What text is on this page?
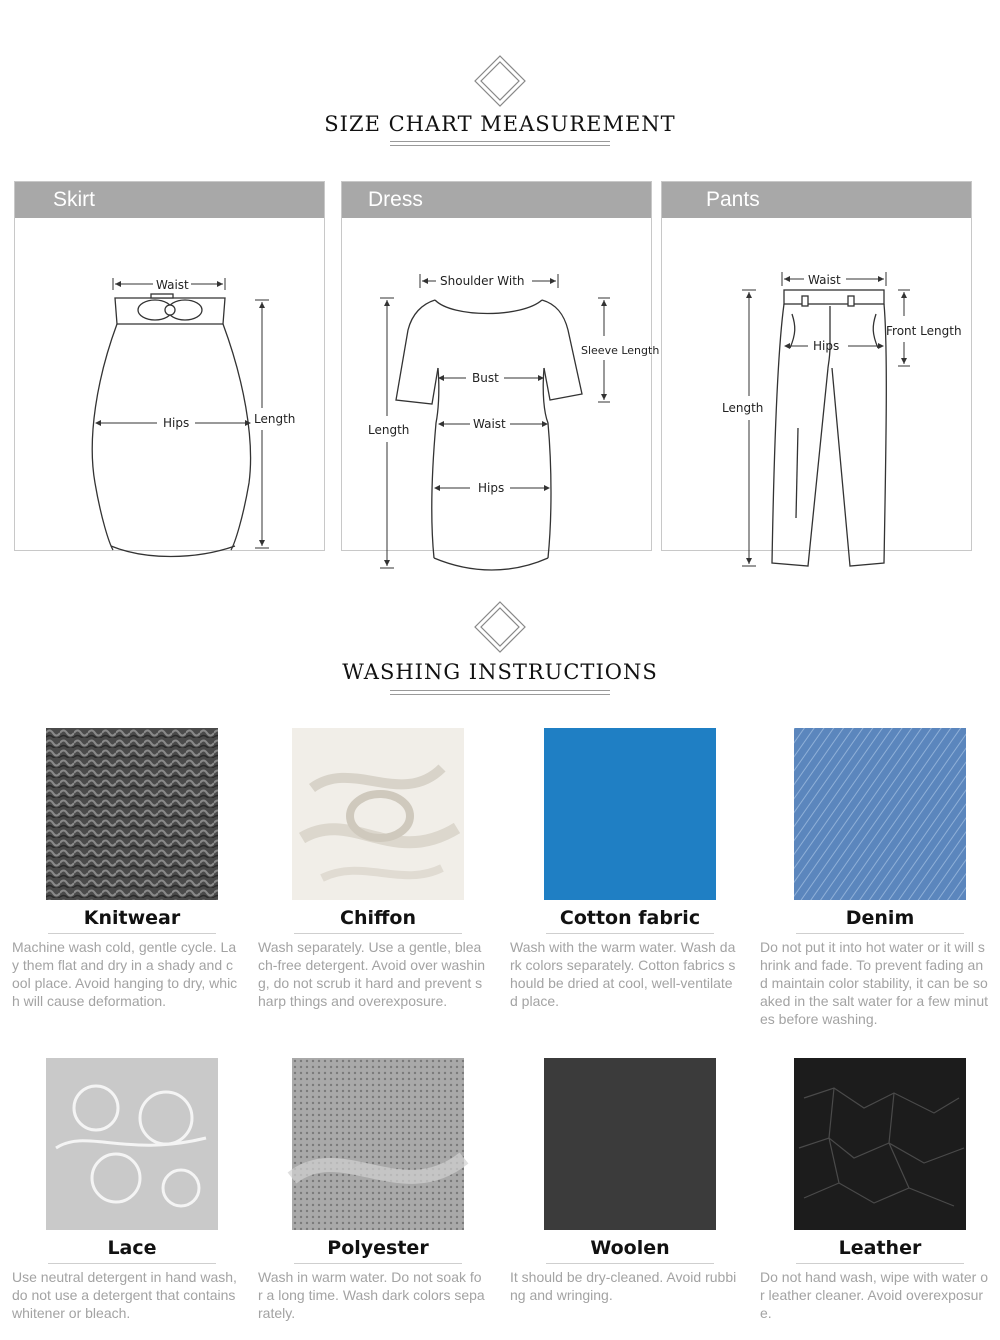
SIZE CHART MEASUREMENT
Skirt
Waist
Hips	Length
Dress
Shoulder With
Sleeve Length
Bust
Waist
Hips
Length
Pants
Waist
Hips
Front Length
Length
WASHING INSTRUCTIONS
Knitwear
Machine wash cold, gentle cycle. Lay them flat and dry in a shady and cool place. Avoid hanging to dry, which will cause deformation.
Chiffon
Wash separately. Use a gentle, bleach-free detergent. Avoid over washing, do not scrub it hard and prevent sharp things and overexposure.
Cotton fabric
Wash with the warm water. Wash dark colors separately. Cotton fabrics should be dried at cool, well-ventilated place.
Denim
Do not put it into hot water or it will shrink and fade. To prevent fading and maintain color stability, it can be soaked in the salt water for a few minutes before washing.
Lace
Use neutral detergent in hand wash, do not use a detergent that contains whitener or bleach.
Polyester
Wash in warm water. Do not soak for a long time. Wash dark colors separately.
Woolen
It should be dry-cleaned. Avoid rubbing and wringing.
Leather
Do not hand wash, wipe with water or leather cleaner. Avoid overexposure.
